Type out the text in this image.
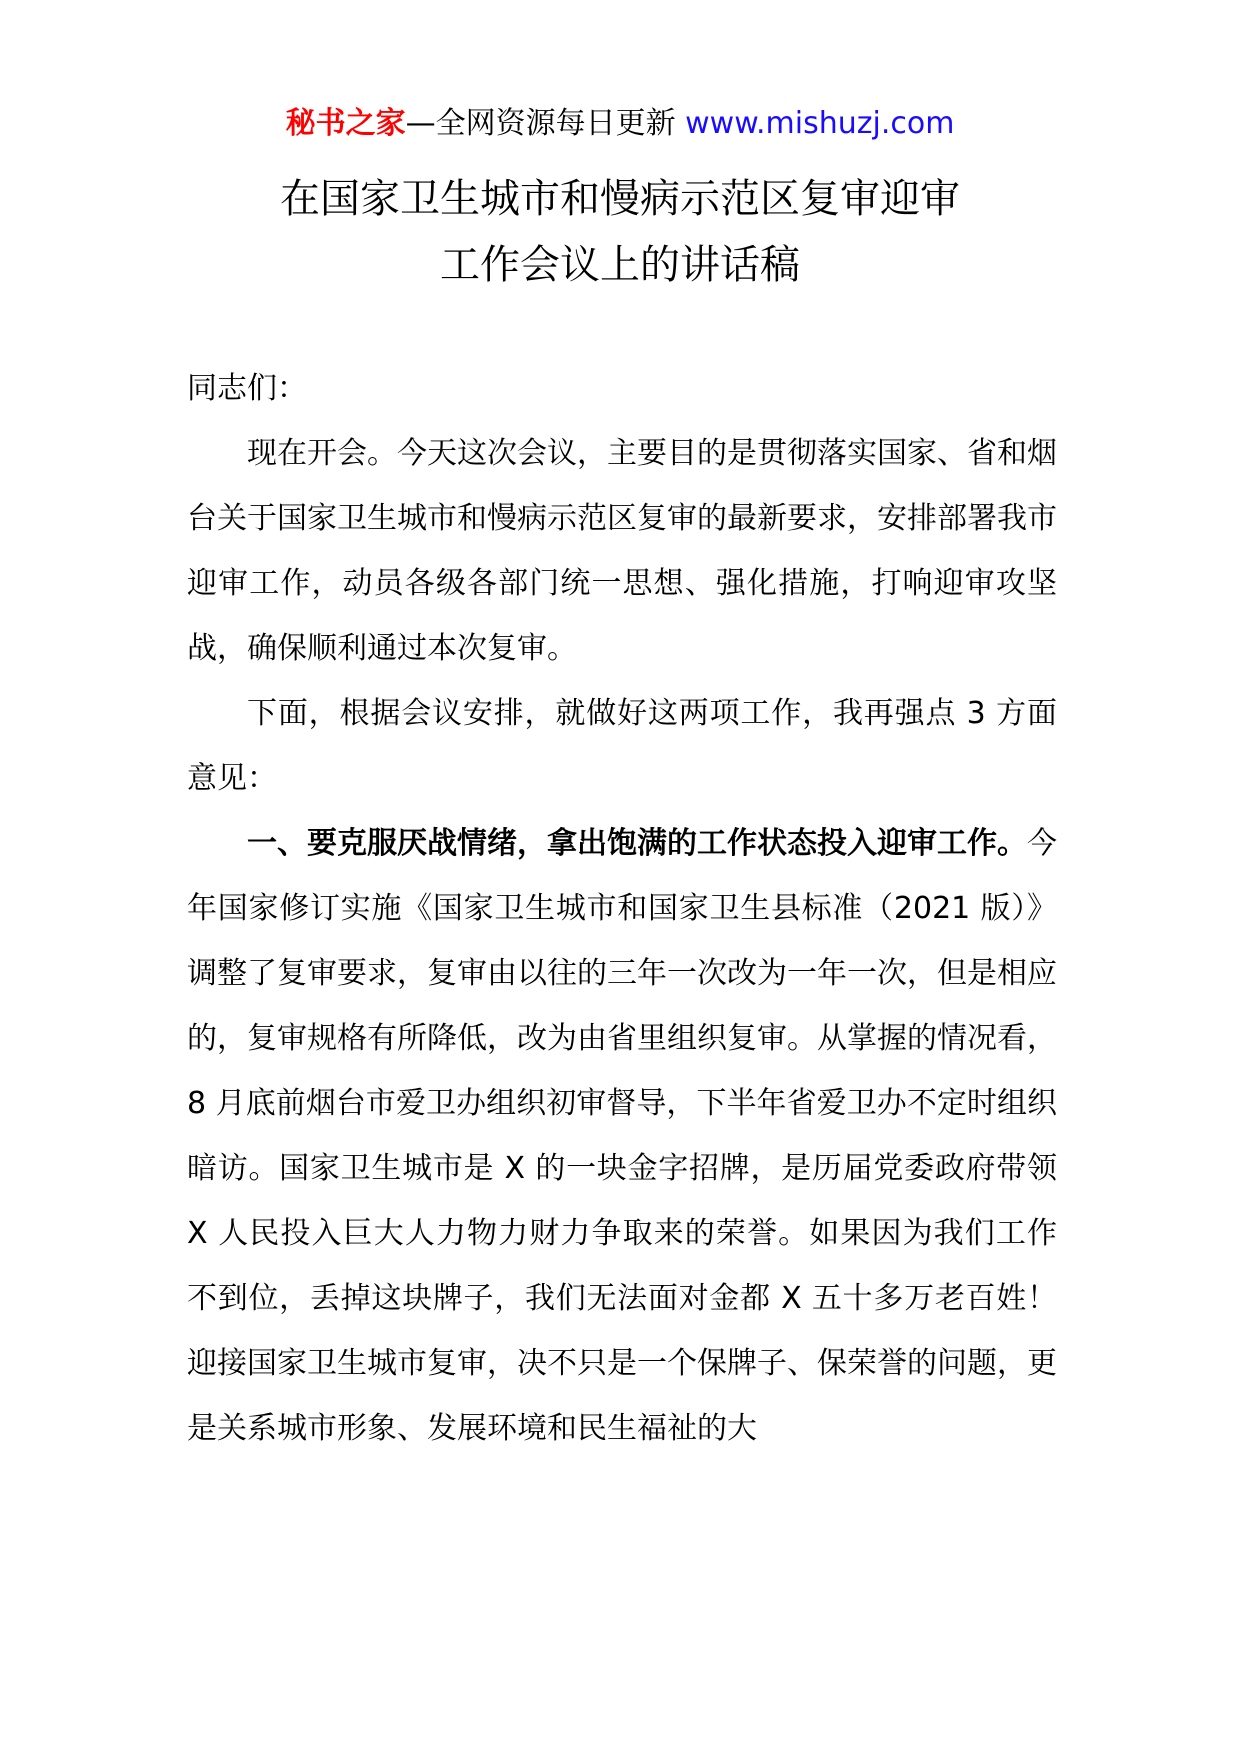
秘书之家—全网资源每日更新 www.mishuzj.com
在国家卫生城市和慢病示范区复审迎审
工作会议上的讲话稿

同志们：

现在开会。今天这次会议，主要目的是贯彻落实国家、省和烟台关于国家卫生城市和慢病示范区复审的最新要求，安排部署我市迎审工作，动员各级各部门统一思想、强化措施，打响迎审攻坚战，确保顺利通过本次复审。

下面，根据会议安排，就做好这两项工作，我再强点 3 方面意见：

一、要克服厌战情绪，拿出饱满的工作状态投入迎审工作。今年国家修订实施《国家卫生城市和国家卫生县标准（2021 版）》调整了复审要求，复审由以往的三年一次改为一年一次，但是相应的，复审规格有所降低，改为由省里组织复审。从掌握的情况看，8 月底前烟台市爱卫办组织初审督导，下半年省爱卫办不定时组织暗访。国家卫生城市是 X 的一块金字招牌，是历届党委政府带领 X 人民投入巨大人力物力财力争取来的荣誉。如果因为我们工作不到位，丢掉这块牌子，我们无法面对金都 X 五十多万老百姓！迎接国家卫生城市复审，决不只是一个保牌子、保荣誉的问题，更是关系城市形象、发展环境和民生福祉的大
